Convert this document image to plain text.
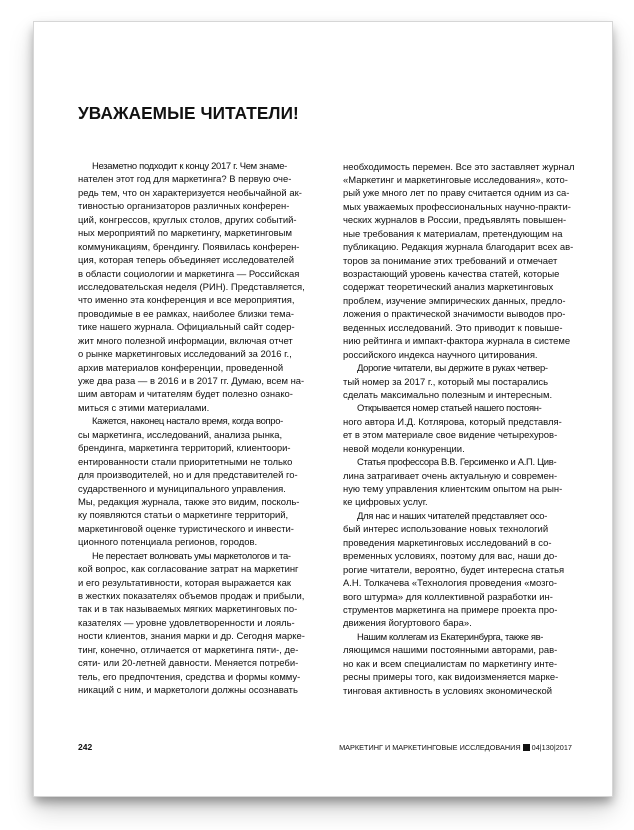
УВАЖАЕМЫЕ ЧИТАТЕЛИ!
Незаметно подходит к концу 2017 г. Чем знаме-
нателен этот год для маркетинга? В первую оче-
редь тем, что он характеризуется необычайной ак-
тивностью организаторов различных конферен-
ций, конгрессов, круглых столов, других событий-
ных мероприятий по маркетингу, маркетинговым
коммуникациям, брендингу. Появилась конферен-
ция, которая теперь объединяет исследователей
в области социологии и маркетинга — Российская
исследовательская неделя (РИН). Представляется,
что именно эта конференция и все мероприятия,
проводимые в ее рамках, наиболее близки тема-
тике нашего журнала. Официальный сайт содер-
жит много полезной информации, включая отчет
о рынке маркетинговых исследований за 2016 г.,
архив материалов конференции, проведенной
уже два раза — в 2016 и в 2017 гг. Думаю, всем на-
шим авторам и читателям будет полезно ознако-
миться с этими материалами.
Кажется, наконец настало время, когда вопро-
сы маркетинга, исследований, анализа рынка,
брендинга, маркетинга территорий, клиентоори-
ентированности стали приоритетными не только
для производителей, но и для представителей го-
сударственного и муниципального управления.
Мы, редакция журнала, также это видим, посколь-
ку появляются статьи о маркетинге территорий,
маркетинговой оценке туристического и инвести-
ционного потенциала регионов, городов.
Не перестает волновать умы маркетологов и та-
кой вопрос, как согласование затрат на маркетинг
и его результативности, которая выражается как
в жестких показателях объемов продаж и прибыли,
так и в так называемых мягких маркетинговых по-
казателях — уровне удовлетворенности и лояль-
ности клиентов, знания марки и др. Сегодня марке-
тинг, конечно, отличается от маркетинга пяти-, де-
сяти- или 20-летней давности. Меняется потреби-
тель, его предпочтения, средства и формы комму-
никаций с ним, и маркетологи должны осознавать
необходимость перемен. Все это заставляет журнал
«Маркетинг и маркетинговые исследования», кото-
рый уже много лет по праву считается одним из са-
мых уважаемых профессиональных научно-практи-
ческих журналов в России, предъявлять повышен-
ные требования к материалам, претендующим на
публикацию. Редакция журнала благодарит всех ав-
торов за понимание этих требований и отмечает
возрастающий уровень качества статей, которые
содержат теоретический анализ маркетинговых
проблем, изучение эмпирических данных, предло-
ложения о практической значимости выводов про-
веденных исследований. Это приводит к повыше-
нию рейтинга и импакт-фактора журнала в системе
российского индекса научного цитирования.
Дорогие читатели, вы держите в руках четвер-
тый номер за 2017 г., который мы постарались
сделать максимально полезным и интересным.
Открывается номер статьей нашего постоян-
ного автора И.Д. Котлярова, который представля-
ет в этом материале свое видение четырехуров-
невой модели конкуренции.
Статья профессора В.В. Герсименко и А.П. Цив-
лина затрагивает очень актуальную и современ-
ную тему управления клиентским опытом на рын-
ке цифровых услуг.
Для нас и наших читателей представляет осо-
бый интерес использование новых технологий
проведения маркетинговых исследований в со-
временных условиях, поэтому для вас, наши до-
рогие читатели, вероятно, будет интересна статья
А.Н. Толкачева «Технология проведения «мозго-
вого штурма» для коллективной разработки ин-
струментов маркетинга на примере проекта про-
движения йогуртового бара».
Нашим коллегам из Екатеринбурга, также яв-
ляющимся нашими постоянными авторами, рав-
но как и всем специалистам по маркетингу инте-
ресны примеры того, как видоизменяется марке-
тинговая активность в условиях экономической
242	МАРКЕТИНГ И МАРКЕТИНГОВЫЕ ИССЛЕДОВАНИЯ 04|130|2017
